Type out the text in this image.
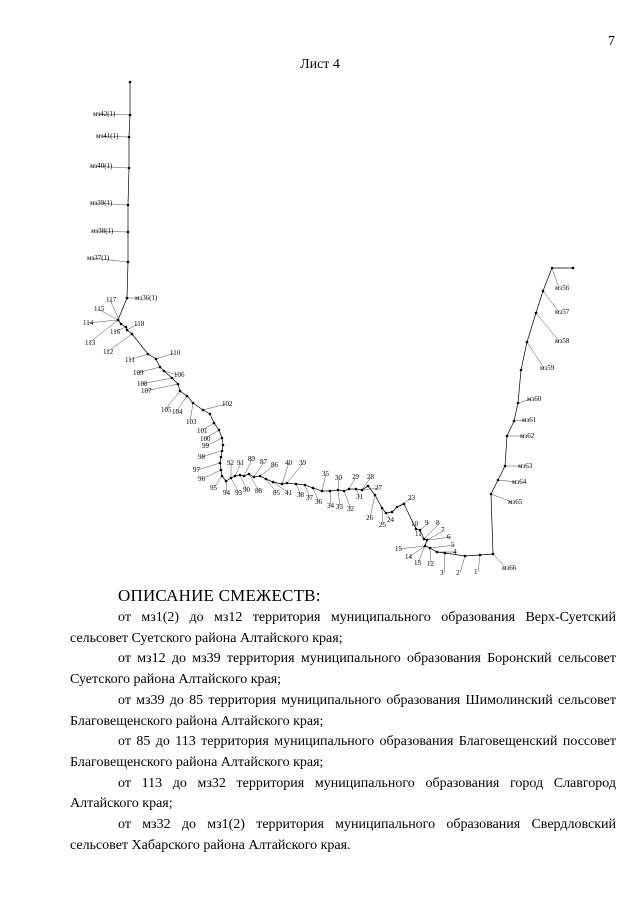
7
Лист 4
мз42(1)
мз41(1)
мз40(1)
мз39(1)
мз38(1)
мз37(1)
мз36(1)
117
115
114
116
118
113
112
111
110
109	106
108
107
105 104
103
102
101
100
99
98
97
96
95
94 93
92 91
90
89
88
87 86
85 41
40 39
38 37 36
35
34 33 32
30 29 28
27
31
26
25
24
23
10 9 8
11	7
6
5
4
15
14
13 12
3 2 1
мз56
мз57
мз58
мз59
мз60
мз61
мз62
мз63
мз64
мз65
мз66
ОПИСАНИЕ СМЕЖЕСТВ:

от мз1(2) до мз12 территория муниципального образования Верх-Суетский сельсовет Суетского района Алтайского края;

от мз12 до мз39 территория муниципального образования Боронский сельсовет Суетского района Алтайского края;

от мз39 до 85 территория муниципального образования Шимолинский сельсовет Благовещенского района Алтайского края;

от 85 до 113 территория муниципального образования Благовещенский поссовет Благовещенского района Алтайского края;

от 113 до мз32 территория муниципального образования город Славгород Алтайского края;

от мз32 до мз1(2) территория муниципального образования Свердловский сельсовет Хабарского района Алтайского края.
